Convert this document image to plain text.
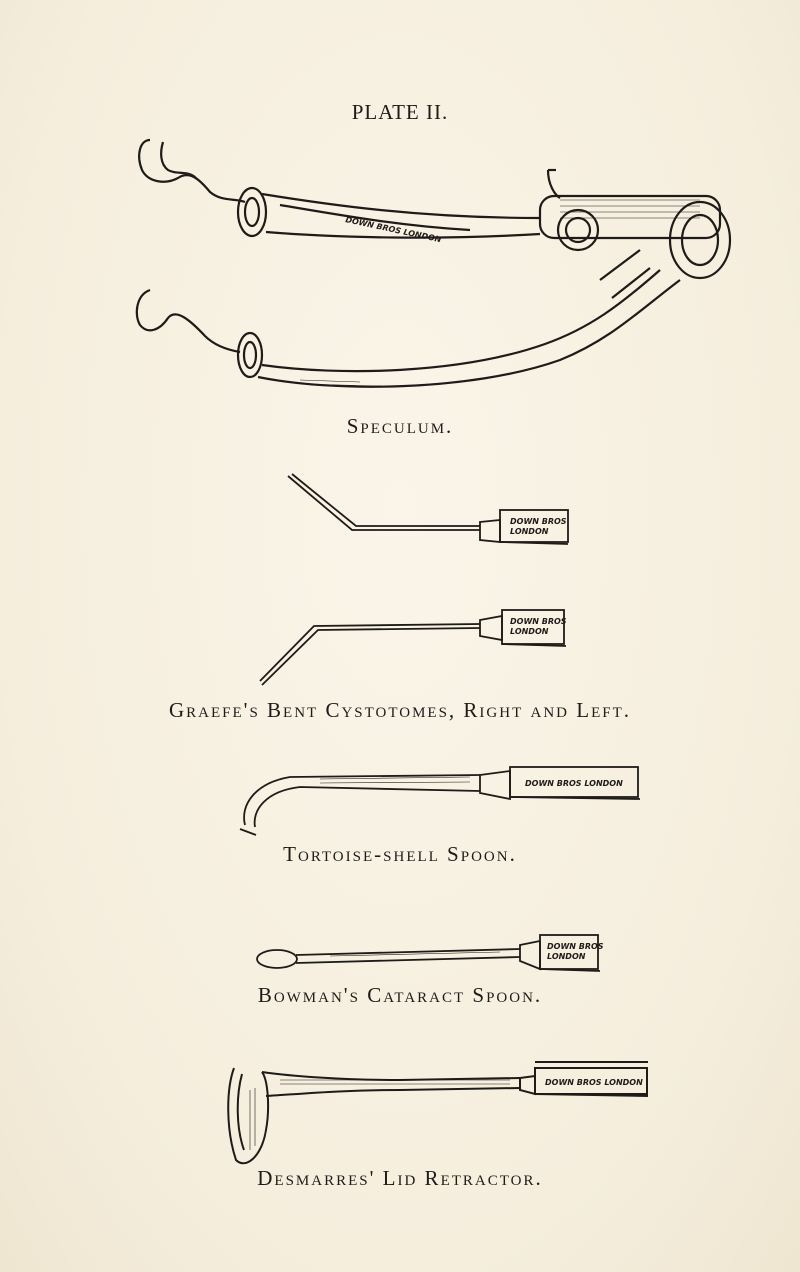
PLATE II.
DOWN BROS LONDON
Speculum.
DOWN BROS
LONDON
DOWN BROS
LONDON
Graefe's Bent Cystotomes, Right and Left.
DOWN BROS LONDON
Tortoise-shell Spoon.
DOWN BROS
LONDON
Bowman's Cataract Spoon.
DOWN BROS LONDON
Desmarres' Lid Retractor.
